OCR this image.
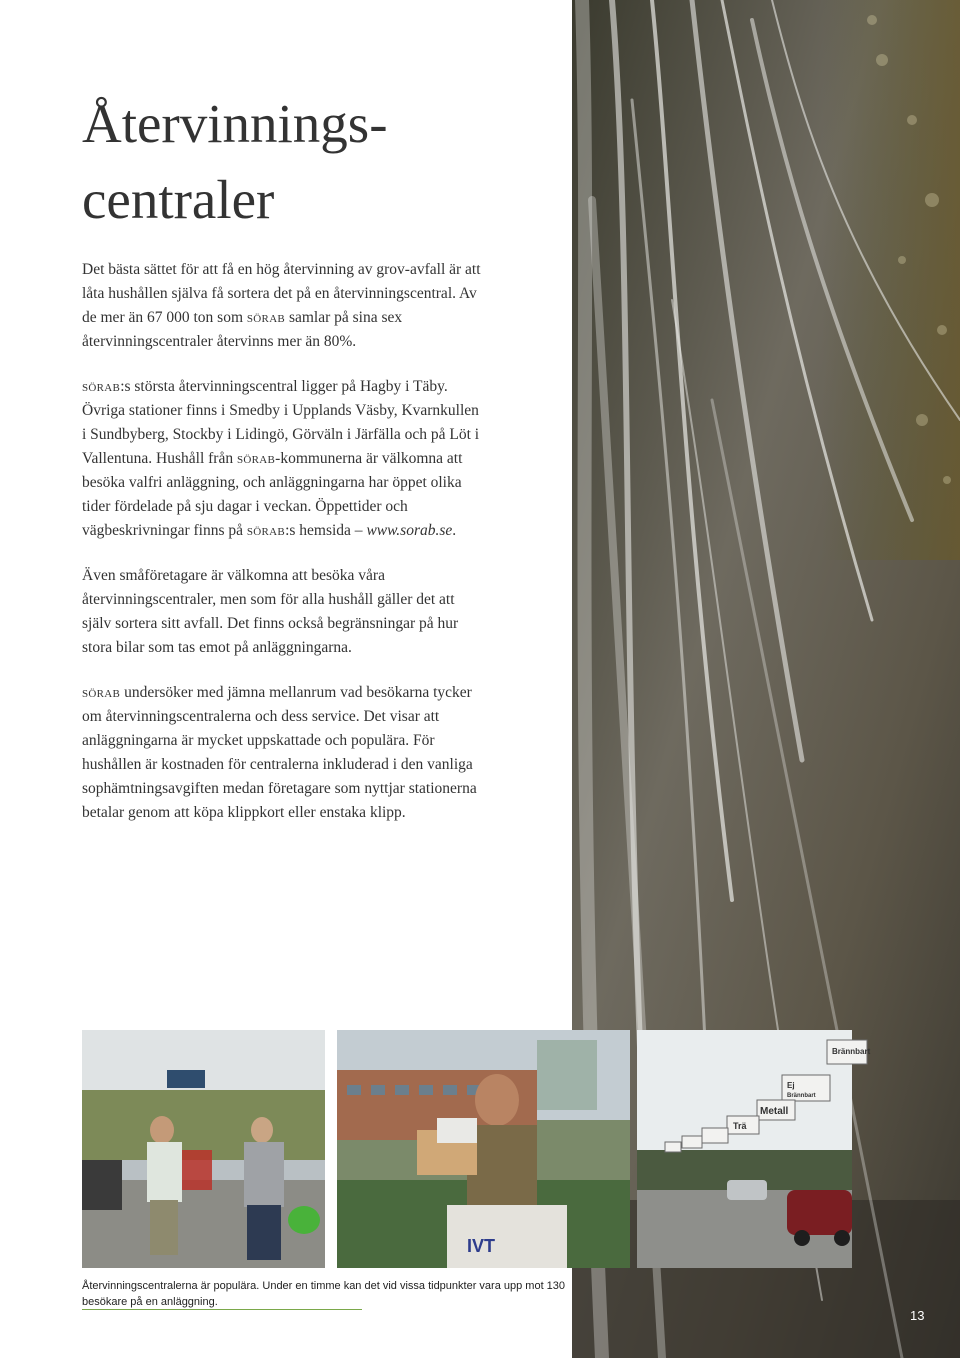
Återvinnings-
centraler

Det bästa sättet för att få en hög återvinning av grov-avfall är att låta hushållen själva få sortera det på en återvinningscentral. Av de mer än 67 000 ton som sörab samlar på sina sex återvinningscentraler återvinns mer än 80%.

sörab:s största återvinningscentral ligger på Hagby i Täby. Övriga stationer finns i Smedby i Upplands Väsby, Kvarnkullen i Sundbyberg, Stockby i Lidingö, Görväln i Järfälla och på Löt i Vallentuna. Hushåll från sörab-kommunerna är välkomna att besöka valfri anläggning, och anläggningarna har öppet olika tider fördelade på sju dagar i veckan. Öppettider och vägbeskrivningar finns på sörab:s hemsida – www.sorab.se.

Även småföretagare är välkomna att besöka våra återvinningscentraler, men som för alla hushåll gäller det att själv sortera sitt avfall. Det finns också begränsningar på hur stora bilar som tas emot på anläggningarna.

sörab undersöker med jämna mellanrum vad besökarna tycker om återvinningscentralerna och dess service. Det visar att anläggningarna är mycket uppskattade och populära. För hushållen är kostnaden för centralerna inkluderad i den vanliga sophämtningsavgiften medan företagare som nyttjar stationerna betalar genom att köpa klippkort eller enstaka klipp.

IVT
Brännbart
Ej
Brännbart
Metall
Trä
Återvinningscentralerna är populära. Under en timme kan det vid vissa tidpunkter vara upp mot 130 besökare på en anläggning.
13
